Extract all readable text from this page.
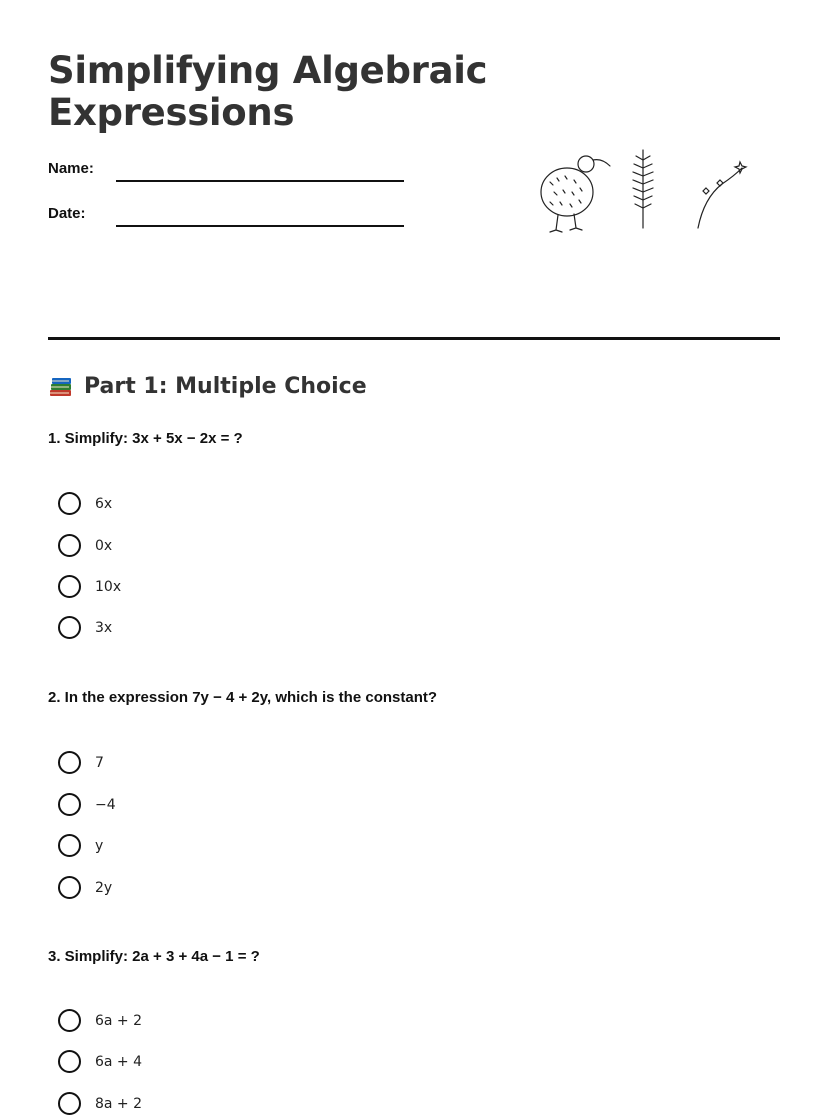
Simplifying Algebraic Expressions
Name:
Date:
Part 1: Multiple Choice
1. Simplify: 3x + 5x − 2x = ?
6x
0x
10x
3x
2. In the expression 7y − 4 + 2y, which is the constant?
7
−4
y
2y
3. Simplify: 2a + 3 + 4a − 1 = ?
6a + 2
6a + 4
8a + 2
